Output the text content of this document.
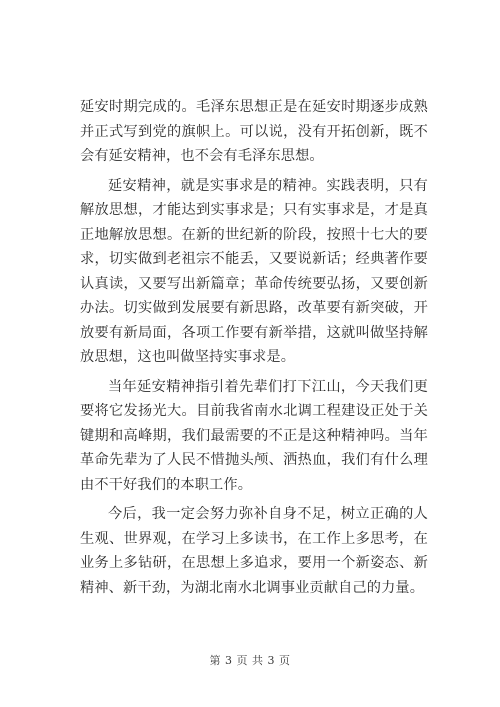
延安时期完成的。毛泽东思想正是在延安时期逐步成熟并正式写到党的旗帜上。可以说，没有开拓创新，既不会有延安精神，也不会有毛泽东思想。

延安精神，就是实事求是的精神。实践表明，只有解放思想，才能达到实事求是；只有实事求是，才是真正地解放思想。在新的世纪新的阶段，按照十七大的要求，切实做到老祖宗不能丢，又要说新话；经典著作要认真读，又要写出新篇章；革命传统要弘扬，又要创新办法。切实做到发展要有新思路，改革要有新突破，开放要有新局面，各项工作要有新举措，这就叫做坚持解放思想，这也叫做坚持实事求是。

当年延安精神指引着先辈们打下江山，今天我们更要将它发扬光大。目前我省南水北调工程建设正处于关键期和高峰期，我们最需要的不正是这种精神吗。当年革命先辈为了人民不惜抛头颅、洒热血，我们有什么理由不干好我们的本职工作。

今后，我一定会努力弥补自身不足，树立正确的人生观、世界观，在学习上多读书，在工作上多思考，在业务上多钻研，在思想上多追求，要用一个新姿态、新精神、新干劲，为湖北南水北调事业贡献自己的力量。

第 3 页 共 3 页
